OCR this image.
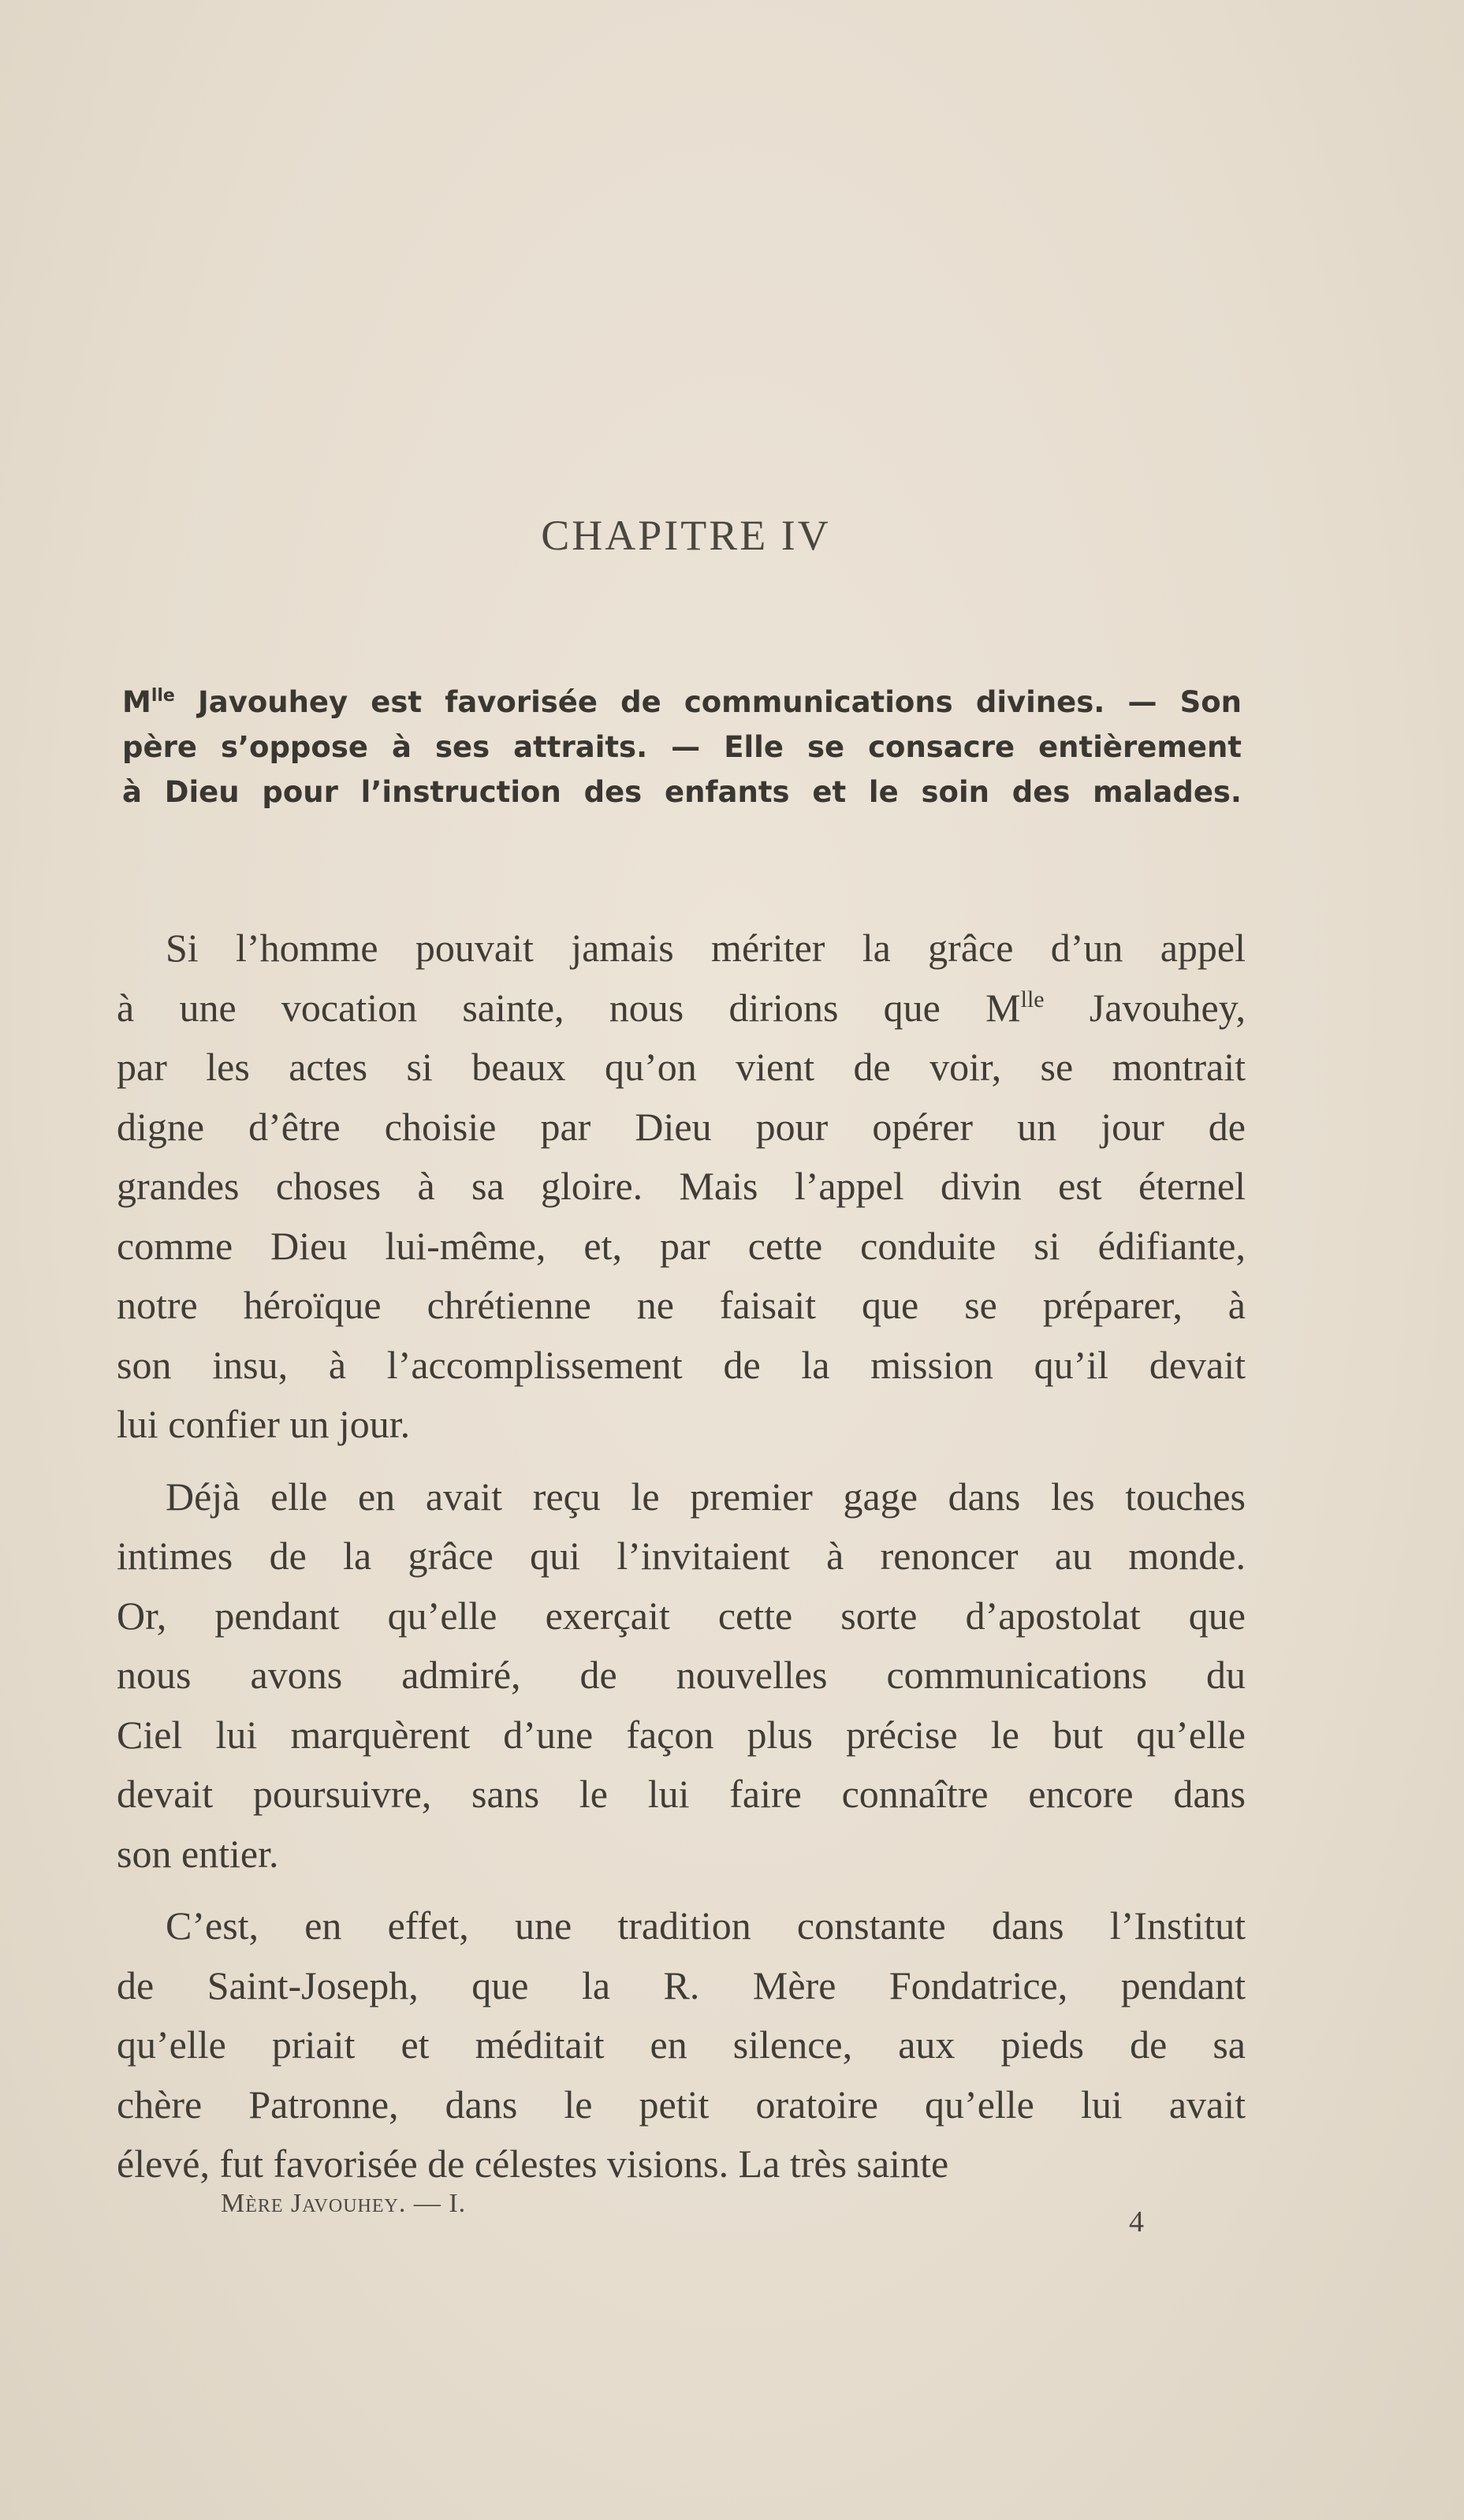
CHAPITRE IV
$M^{lle}$ Javouhey est favorisée de communications divines. — Son
père s’oppose à ses attraits. — Elle se consacre entièrement
à Dieu pour l’instruction des enfants et le soin des malades.
Si l’homme pouvait jamais mériter la grâce d’un appel
à une vocation sainte, nous dirions que $M^{lle}$ Javouhey,
par les actes si beaux qu’on vient de voir, se montrait
digne d’être choisie par Dieu pour opérer un jour de
grandes choses à sa gloire. Mais l’appel divin est éternel
comme Dieu lui-même, et, par cette conduite si édifiante,
notre héroïque chrétienne ne faisait que se préparer, à
son insu, à l’accomplissement de la mission qu’il devait
lui confier un jour.
Déjà elle en avait reçu le premier gage dans les touches
intimes de la grâce qui l’invitaient à renoncer au monde.
Or, pendant qu’elle exerçait cette sorte d’apostolat que
nous avons admiré, de nouvelles communications du
Ciel lui marquèrent d’une façon plus précise le but qu’elle
devait poursuivre, sans le lui faire connaître encore dans
son entier.
C’est, en effet, une tradition constante dans l’Institut
de Saint-Joseph, que la R. Mère Fondatrice, pendant
qu’elle priait et méditait en silence, aux pieds de sa
chère Patronne, dans le petit oratoire qu’elle lui avait
élevé, fut favorisée de célestes visions. La très sainte
Mère Javouhey. — I.
4
